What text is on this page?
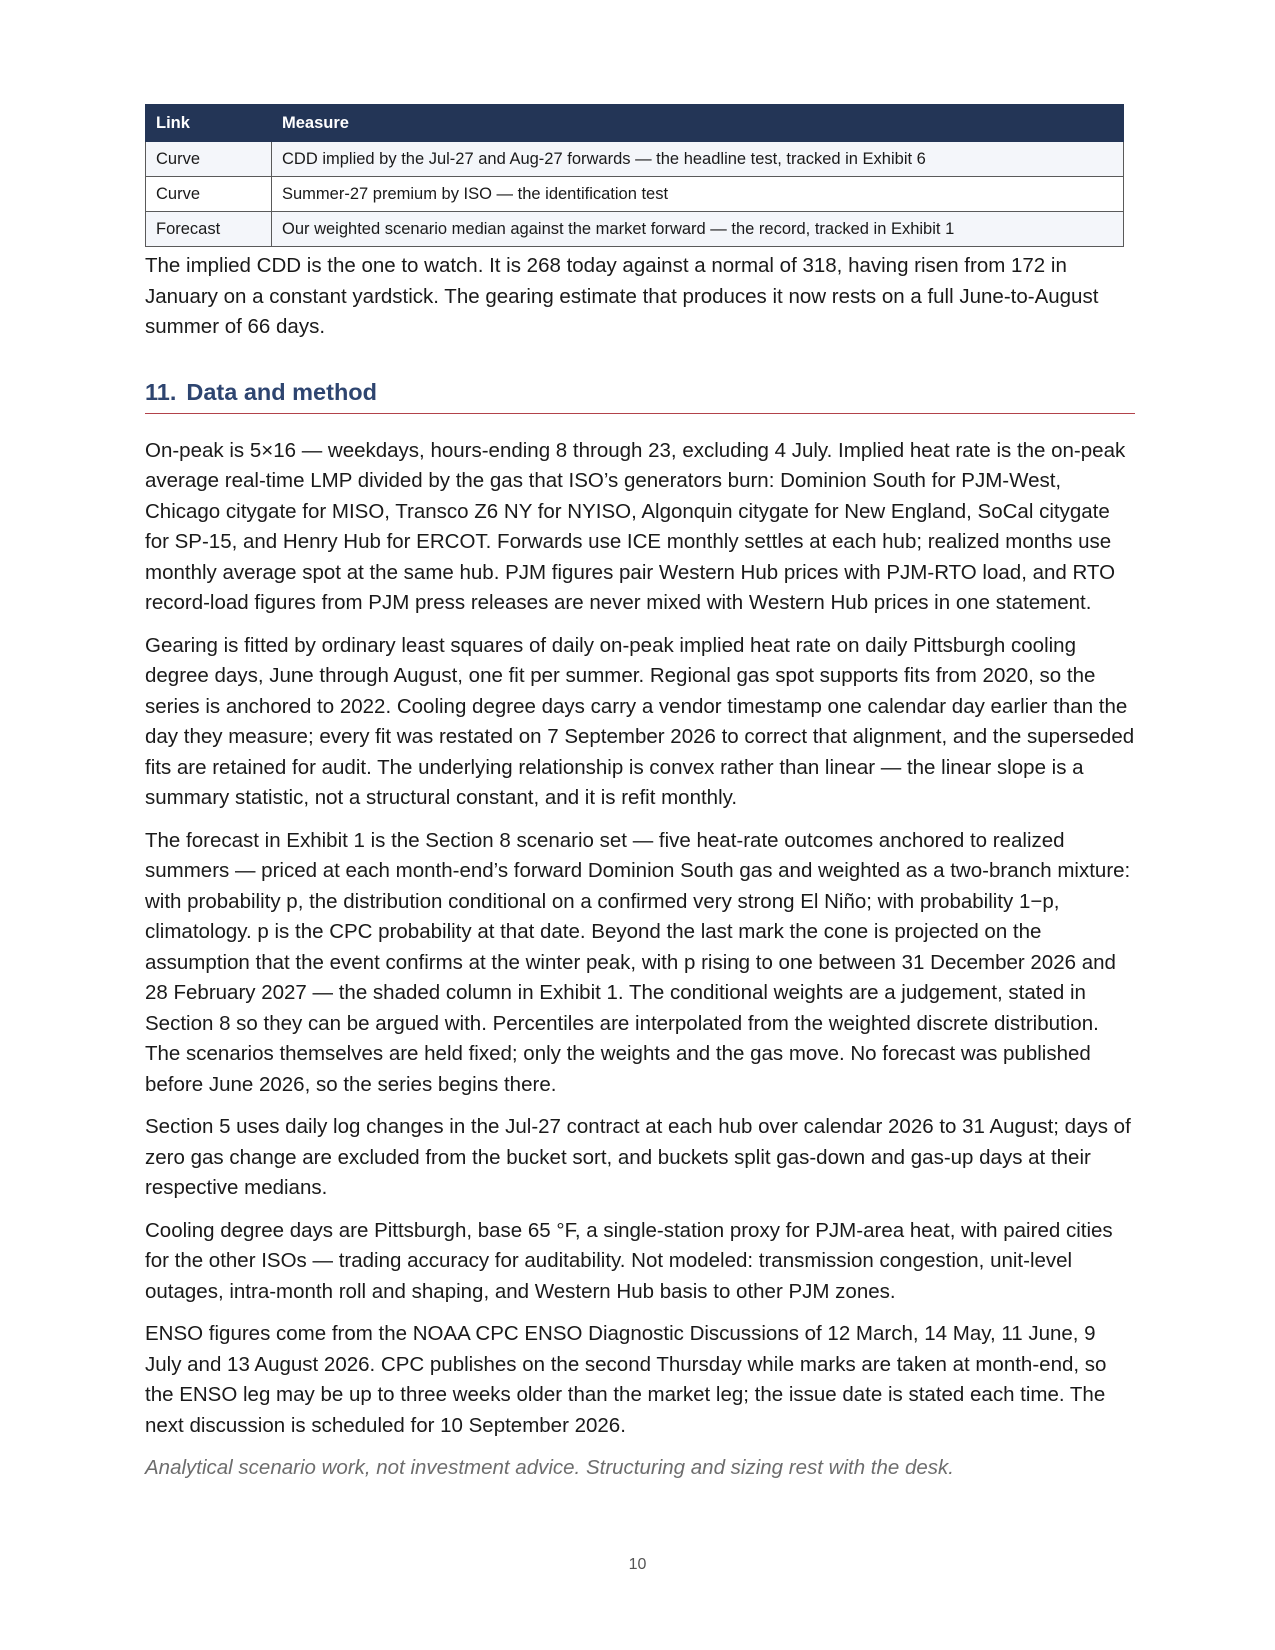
Link	Measure
Curve	CDD implied by the Jul-27 and Aug-27 forwards — the headline test, tracked in Exhibit 6
Curve	Summer-27 premium by ISO — the identification test
Forecast	Our weighted scenario median against the market forward — the record, tracked in Exhibit 1

The implied CDD is the one to watch. It is 268 today against a normal of 318, having risen from 172 in January on a constant yardstick. The gearing estimate that produces it now rests on a full June-to-August summer of 66 days.

11. Data and method

On-peak is 5×16 — weekdays, hours-ending 8 through 23, excluding 4 July. Implied heat rate is the on-peak average real-time LMP divided by the gas that ISO’s generators burn: Dominion South for PJM-West, Chicago citygate for MISO, Transco Z6 NY for NYISO, Algonquin citygate for New England, SoCal citygate for SP-15, and Henry Hub for ERCOT. Forwards use ICE monthly settles at each hub; realized months use monthly average spot at the same hub. PJM figures pair Western Hub prices with PJM-RTO load, and RTO record-load figures from PJM press releases are never mixed with Western Hub prices in one statement.

Gearing is fitted by ordinary least squares of daily on-peak implied heat rate on daily Pittsburgh cooling degree days, June through August, one fit per summer. Regional gas spot supports fits from 2020, so the series is anchored to 2022. Cooling degree days carry a vendor timestamp one calendar day earlier than the day they measure; every fit was restated on 7 September 2026 to correct that alignment, and the superseded fits are retained for audit. The underlying relationship is convex rather than linear — the linear slope is a summary statistic, not a structural constant, and it is refit monthly.

The forecast in Exhibit 1 is the Section 8 scenario set — five heat-rate outcomes anchored to realized summers — priced at each month-end’s forward Dominion South gas and weighted as a two-branch mixture: with probability p, the distribution conditional on a confirmed very strong El Niño; with probability 1−p, climatology. p is the CPC probability at that date. Beyond the last mark the cone is projected on the assumption that the event confirms at the winter peak, with p rising to one between 31 December 2026 and 28 February 2027 — the shaded column in Exhibit 1. The conditional weights are a judgement, stated in Section 8 so they can be argued with. Percentiles are interpolated from the weighted discrete distribution. The scenarios themselves are held fixed; only the weights and the gas move. No forecast was published before June 2026, so the series begins there.

Section 5 uses daily log changes in the Jul-27 contract at each hub over calendar 2026 to 31 August; days of zero gas change are excluded from the bucket sort, and buckets split gas-down and gas-up days at their respective medians.

Cooling degree days are Pittsburgh, base 65 °F, a single-station proxy for PJM-area heat, with paired cities for the other ISOs — trading accuracy for auditability. Not modeled: transmission congestion, unit-level outages, intra-month roll and shaping, and Western Hub basis to other PJM zones.

ENSO figures come from the NOAA CPC ENSO Diagnostic Discussions of 12 March, 14 May, 11 June, 9 July and 13 August 2026. CPC publishes on the second Thursday while marks are taken at month-end, so the ENSO leg may be up to three weeks older than the market leg; the issue date is stated each time. The next discussion is scheduled for 10 September 2026.

Analytical scenario work, not investment advice. Structuring and sizing rest with the desk.

10
